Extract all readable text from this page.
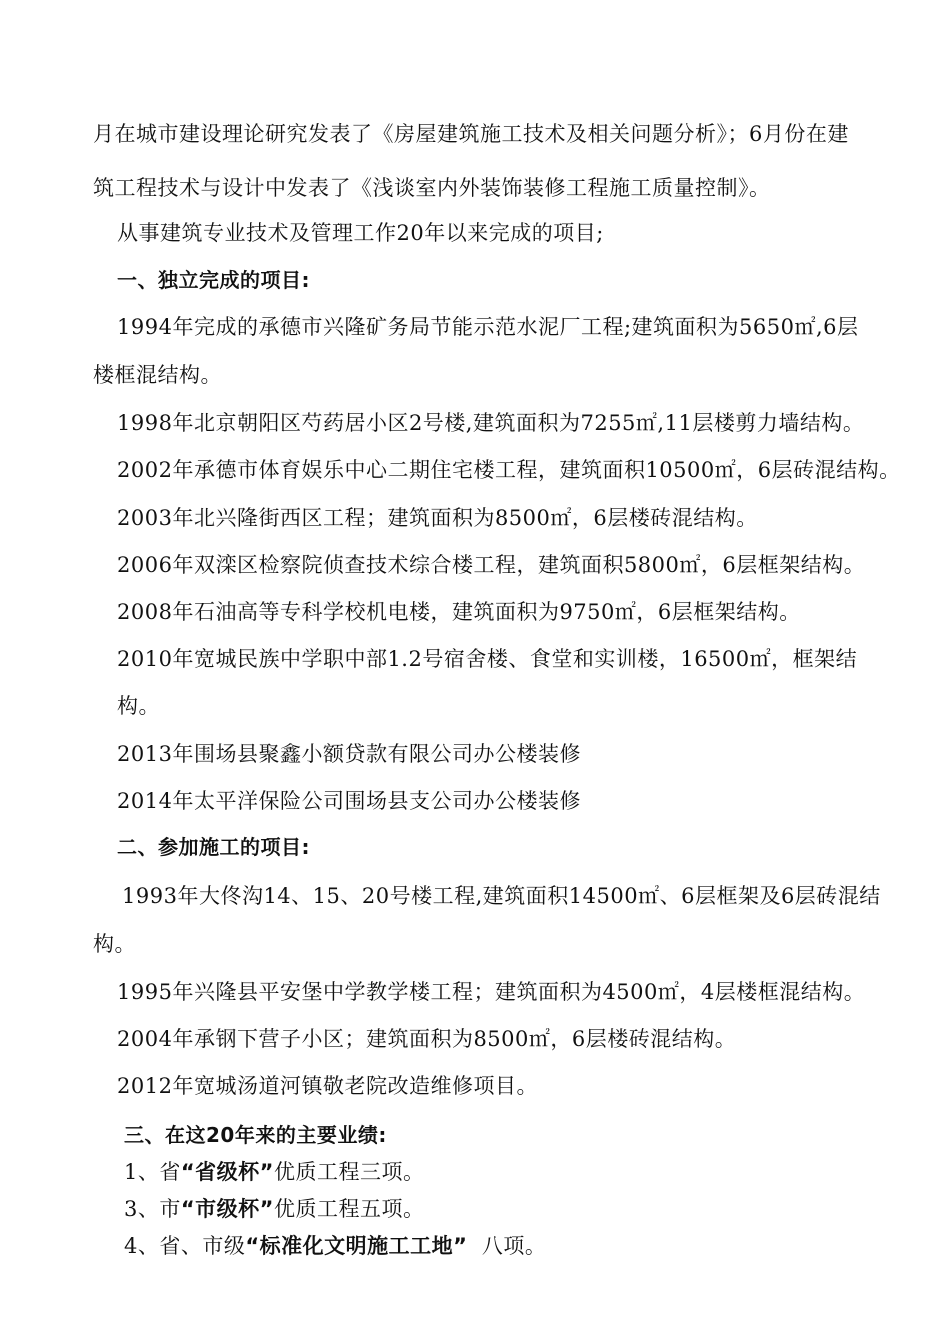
月在城市建设理论研究发表了《房屋建筑施工技术及相关问题分析》；6月份在建
筑工程技术与设计中发表了《浅谈室内外装饰装修工程施工质量控制》。
从事建筑专业技术及管理工作20年以来完成的项目;
一、独立完成的项目:
1994年完成的承德市兴隆矿务局节能示范水泥厂工程;建筑面积为5650㎡,6层
楼框混结构。
1998年北京朝阳区芍药居小区2号楼,建筑面积为7255㎡,11层楼剪力墙结构。
2002年承德市体育娱乐中心二期住宅楼工程，建筑面积10500㎡，6层砖混结构。
2003年北兴隆街西区工程；建筑面积为8500㎡，6层楼砖混结构。
2006年双滦区检察院侦查技术综合楼工程，建筑面积5800㎡，6层框架结构。
2008年石油高等专科学校机电楼，建筑面积为9750㎡，6层框架结构。
2010年宽城民族中学职中部1.2号宿舍楼、食堂和实训楼，16500㎡，框架结
构。
2013年围场县聚鑫小额贷款有限公司办公楼装修
2014年太平洋保险公司围场县支公司办公楼装修
二、参加施工的项目:
1993年大佟沟14、15、20号楼工程,建筑面积14500㎡、6层框架及6层砖混结
构。
1995年兴隆县平安堡中学教学楼工程；建筑面积为4500㎡，4层楼框混结构。
2004年承钢下营子小区；建筑面积为8500㎡，6层楼砖混结构。
2012年宽城汤道河镇敬老院改造维修项目。
三、在这20年来的主要业绩:
1、省“省级杯”优质工程三项。
3、市“市级杯”优质工程五项。
4、省、市级“标准化文明施工工地”  八项。
